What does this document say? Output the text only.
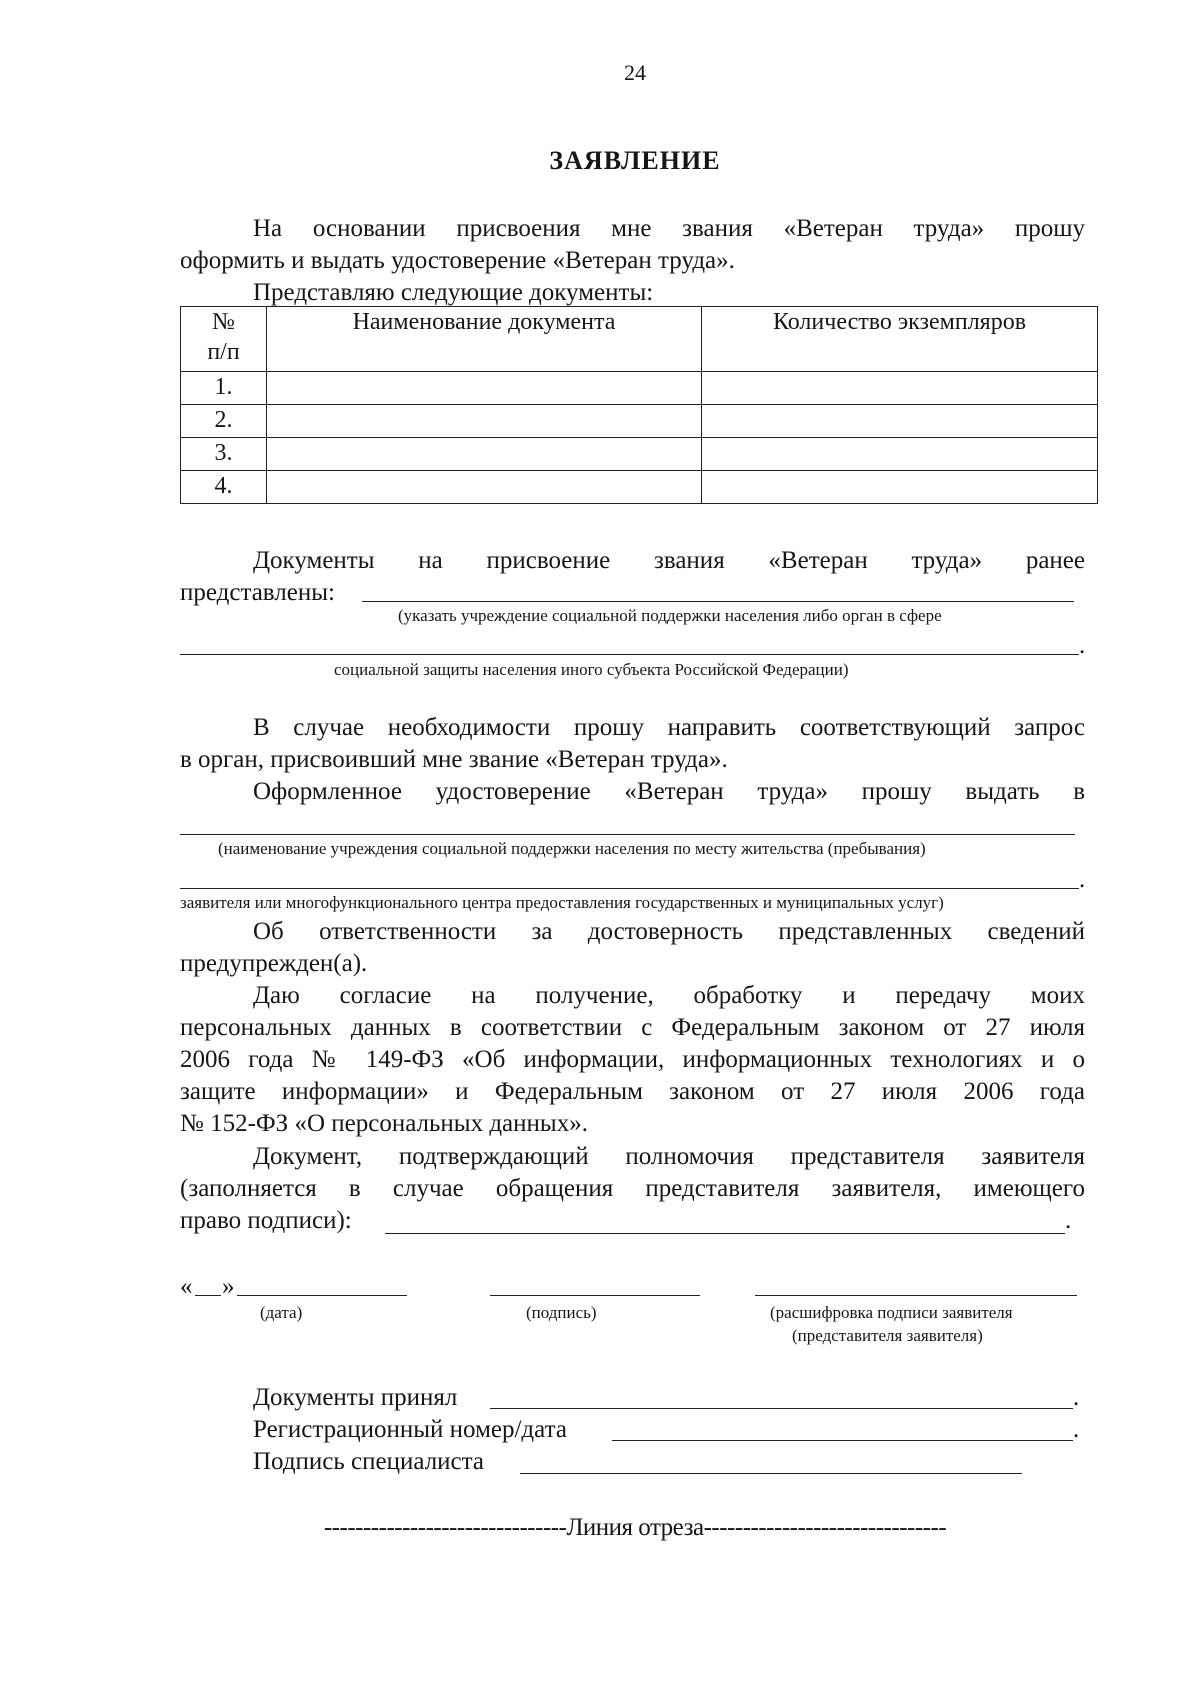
24
ЗАЯВЛЕНИЕ
На основании присвоения мне звания «Ветеран труда» прошу
оформить и выдать удостоверение «Ветеран труда».
Представляю следующие документы:
№ п/п	Наименование документа	Количество экземпляров
1.		
2.		
3.		
4.		
Документы на присвоение звания «Ветеран труда» ранее
представлены:
(указать учреждение социальной поддержки населения либо орган в сфере
.
социальной защиты населения иного субъекта Российской Федерации)
В случае необходимости прошу направить соответствующий запрос
в орган, присвоивший мне звание «Ветеран труда».
Оформленное удостоверение «Ветеран труда» прошу выдать в
(наименование учреждения социальной поддержки населения по месту жительства (пребывания)
.
заявителя или многофункционального центра предоставления государственных и муниципальных услуг)
Об ответственности за достоверность представленных сведений
предупрежден(а).
Даю согласие на получение, обработку и передачу моих
персональных данных в соответствии с Федеральным законом от 27 июля
2006 года № 149-ФЗ «Об информации, информационных технологиях и о
защите информации» и Федеральным законом от 27 июля 2006 года
№ 152-ФЗ «О персональных данных».
Документ, подтверждающий полномочия представителя заявителя
(заполняется в случае обращения представителя заявителя, имеющего
право подписи):	.
« »
(дата)	(подпись)	(расшифровка подписи заявителя
(представителя заявителя)
Документы принял	.
Регистрационный номер/дата	.
Подпись специалиста
-------------------------------Линия отреза-------------------------------
